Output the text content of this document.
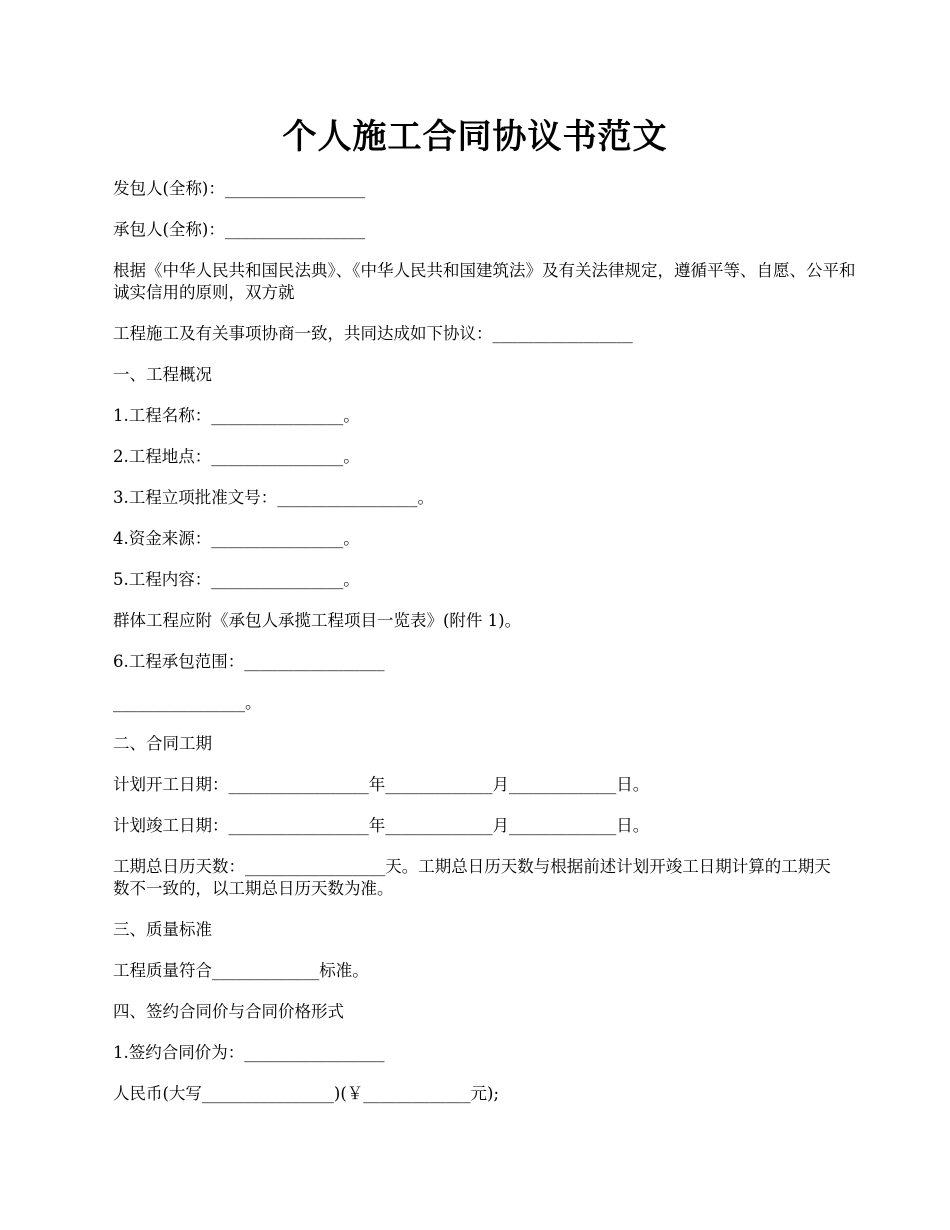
个人施工合同协议书范文

发包人(全称)：_________________

承包人(全称)：_________________

根据《中华人民共和国民法典》、《中华人民共和国建筑法》及有关法律规定，遵循平等、自愿、公平和诚实信用的原则，双方就

工程施工及有关事项协商一致，共同达成如下协议：_________________

一、工程概况

1.工程名称：________________。

2.工程地点：________________。

3.工程立项批准文号：_________________。

4.资金来源：________________。

5.工程内容：________________。

群体工程应附《承包人承揽工程项目一览表》(附件 1)。

6.工程承包范围：_________________

________________。

二、合同工期

计划开工日期：_________________年_____________月_____________日。

计划竣工日期：_________________年_____________月_____________日。

工期总日历天数：_________________天。工期总日历天数与根据前述计划开竣工日期计算的工期天数不一致的，以工期总日历天数为准。

三、质量标准

工程质量符合_____________标准。

四、签约合同价与合同价格形式

1.签约合同价为：_________________

人民币(大写________________)(￥_____________元);
